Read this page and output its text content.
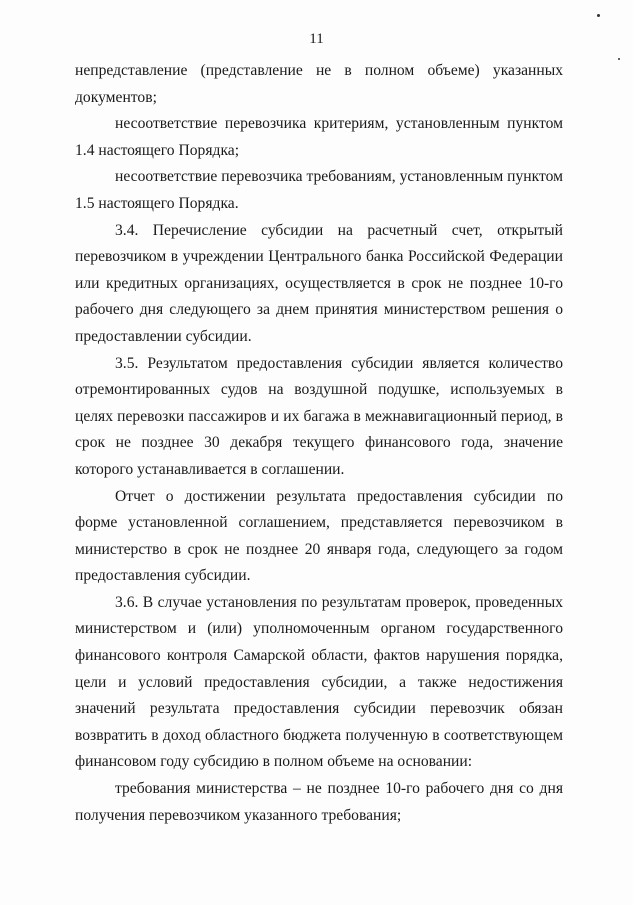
11

непредставление (представление не в полном объеме) указанных документов;

несоответствие перевозчика критериям, установленным пунктом 1.4 настоящего Порядка;

несоответствие перевозчика требованиям, установленным пунктом 1.5 настоящего Порядка.

3.4. Перечисление субсидии на расчетный счет, открытый перевозчиком в учреждении Центрального банка Российской Федерации или кредитных организациях, осуществляется в срок не позднее 10-го рабочего дня следующего за днем принятия министерством решения о предоставлении субсидии.

3.5. Результатом предоставления субсидии является количество отремонтированных судов на воздушной подушке, используемых в целях перевозки пассажиров и их багажа в межнавигационный период, в срок не позднее 30 декабря текущего финансового года, значение которого устанавливается в соглашении.

Отчет о достижении результата предоставления субсидии по форме установленной соглашением, представляется перевозчиком в министерство в срок не позднее 20 января года, следующего за годом предоставления субсидии.

3.6. В случае установления по результатам проверок, проведенных министерством и (или) уполномоченным органом государственного финансового контроля Самарской области, фактов нарушения порядка, цели и условий предоставления субсидии, а также недостижения значений результата предоставления субсидии перевозчик обязан возвратить в доход областного бюджета полученную в соответствующем финансовом году субсидию в полном объеме на основании:

требования министерства – не позднее 10-го рабочего дня со дня получения перевозчиком указанного требования;
